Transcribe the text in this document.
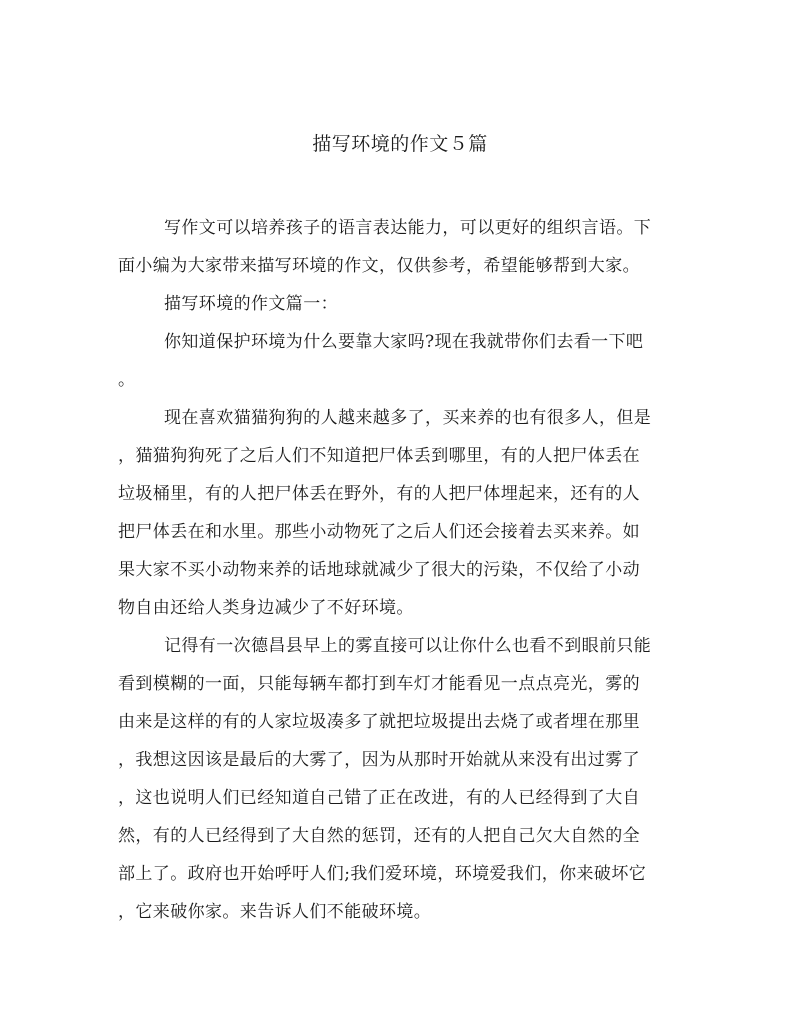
描写环境的作文５篇
写作文可以培养孩子的语言表达能力，可以更好的组织言语。下
面小编为大家带来描写环境的作文，仅供参考，希望能够帮到大家。
描写环境的作文篇一：
你知道保护环境为什么要靠大家吗?现在我就带你们去看一下吧
。
现在喜欢猫猫狗狗的人越来越多了，买来养的也有很多人，但是
，猫猫狗狗死了之后人们不知道把尸体丢到哪里，有的人把尸体丢在
垃圾桶里，有的人把尸体丢在野外，有的人把尸体埋起来，还有的人
把尸体丢在和水里。那些小动物死了之后人们还会接着去买来养。如
果大家不买小动物来养的话地球就减少了很大的污染，不仅给了小动
物自由还给人类身边减少了不好环境。
记得有一次德昌县早上的雾直接可以让你什么也看不到眼前只能
看到模糊的一面，只能每辆车都打到车灯才能看见一点点亮光，雾的
由来是这样的有的人家垃圾凑多了就把垃圾提出去烧了或者埋在那里
，我想这因该是最后的大雾了，因为从那时开始就从来没有出过雾了
，这也说明人们已经知道自己错了正在改进，有的人已经得到了大自
然，有的人已经得到了大自然的惩罚，还有的人把自己欠大自然的全
部上了。政府也开始呼吁人们;我们爱环境，环境爱我们，你来破坏它
，它来破你家。来告诉人们不能破环境。
